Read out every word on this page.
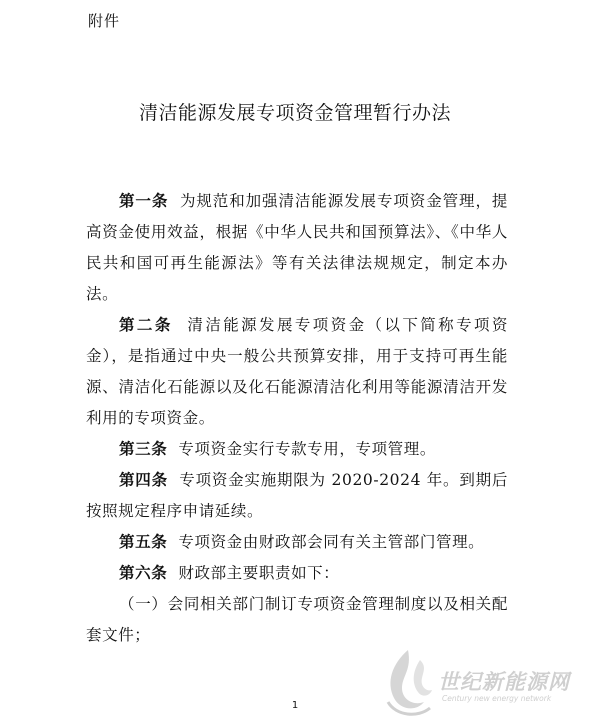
附件
清洁能源发展专项资金管理暂行办法

第一条 为规范和加强清洁能源发展专项资金管理，提高资金使用效益，根据《中华人民共和国预算法》、《中华人民共和国可再生能源法》等有关法律法规规定，制定本办法。

第二条 清洁能源发展专项资金（以下简称专项资金），是指通过中央一般公共预算安排，用于支持可再生能源、清洁化石能源以及化石能源清洁化利用等能源清洁开发利用的专项资金。

第三条 专项资金实行专款专用，专项管理。

第四条 专项资金实施期限为 2020-2024 年。到期后按照规定程序申请延续。

第五条 专项资金由财政部会同有关主管部门管理。

第六条 财政部主要职责如下：

（一）会同相关部门制订专项资金管理制度以及相关配套文件；

1
世纪新能源网
Century new energy network
